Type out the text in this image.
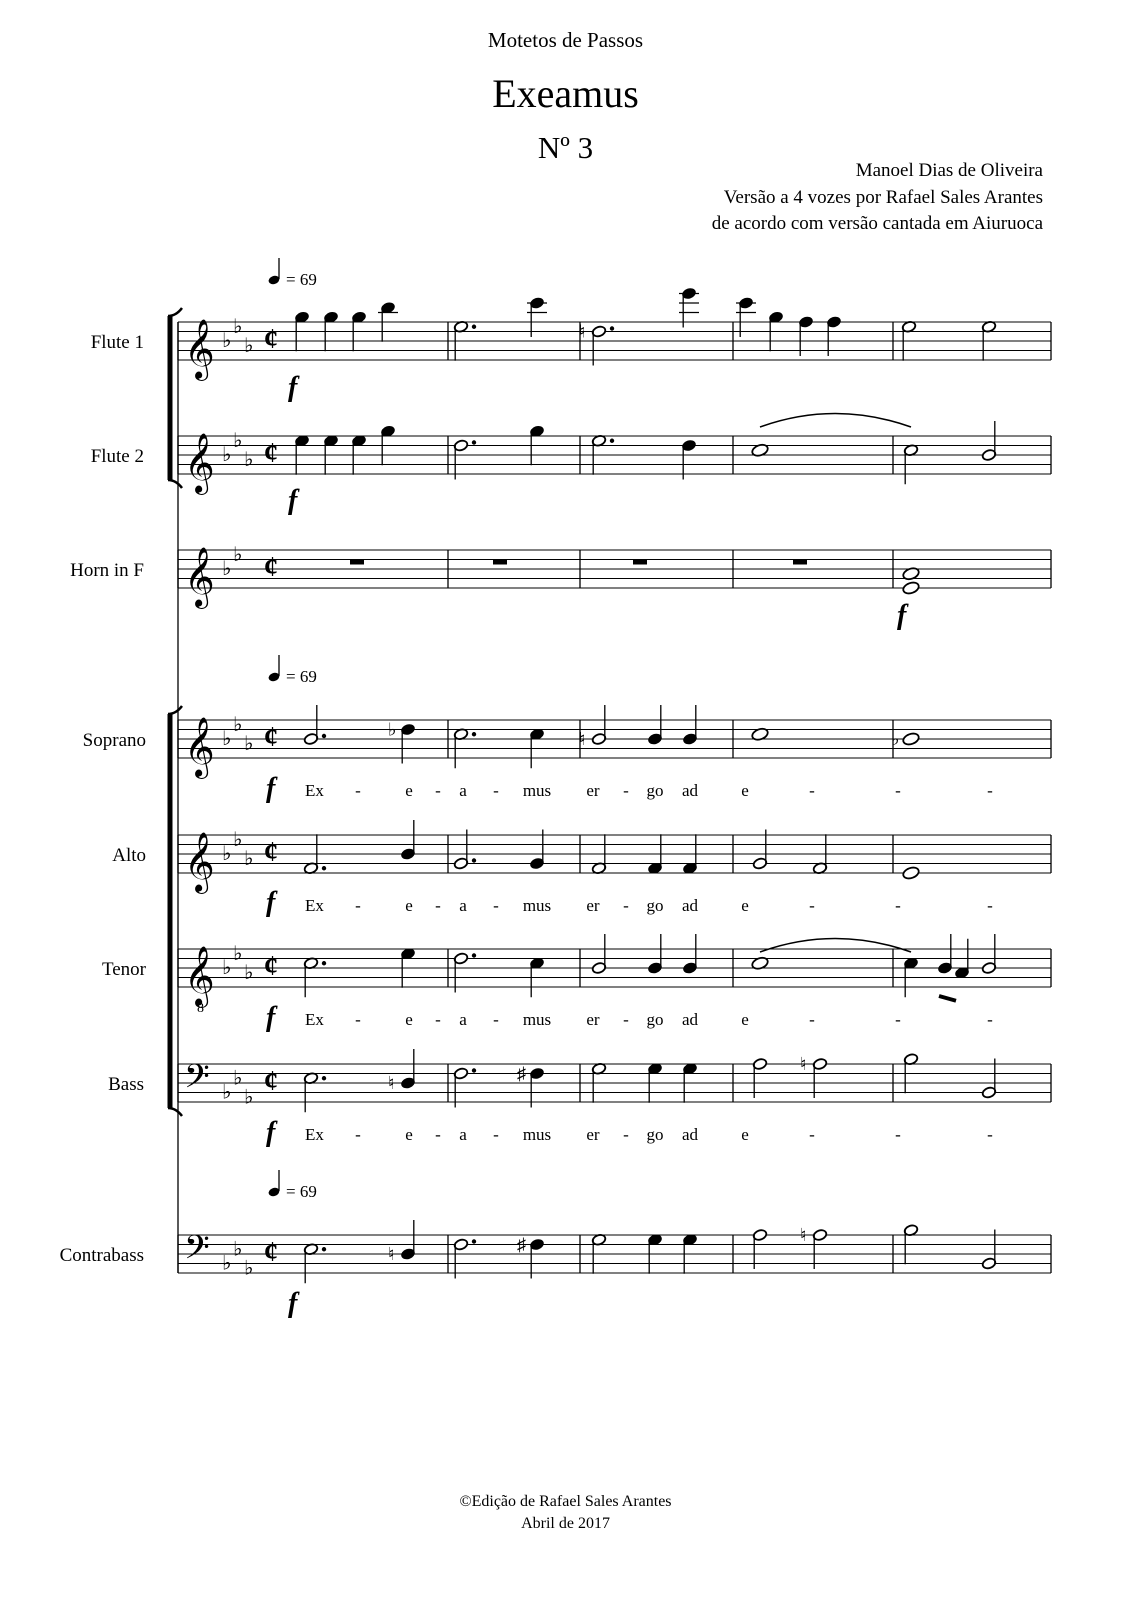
Motetos de Passos
Exeamus
Nº 3
Manoel Dias de Oliveira
Versão a 4 vozes por Rafael Sales Arantes
de acordo com versão cantada em Aiuruoca
𝄞
𝄞
𝄞
𝄞
𝄞
𝄞
8
𝄢
𝄢
♭
♭
♭
♭
♭
♭
♭
♭
♭
♭
♭
♭
♭
♭
♭
♭
♭
♭
♭
♭
♭
♭
♭
¢
¢
¢
¢
¢
¢
¢
¢
Flute 1
Flute 2
Horn in F
Soprano
Alto
Tenor
Bass
Contrabass
= 69
= 69
= 69
f
f
f
f
f
f
f
f
♮
♭	♮	♭
♮	♯	♮
♮	♯	♮
Ex -	e - a - mus er - go ad	e	-	-	-
Ex -	e - a - mus er - go ad	e	-	-	-
Ex -	e - a - mus er - go ad	e	-	-	-
Ex -	e - a - mus er - go ad	e	-	-	-
©Edição de Rafael Sales Arantes
Abril de 2017
